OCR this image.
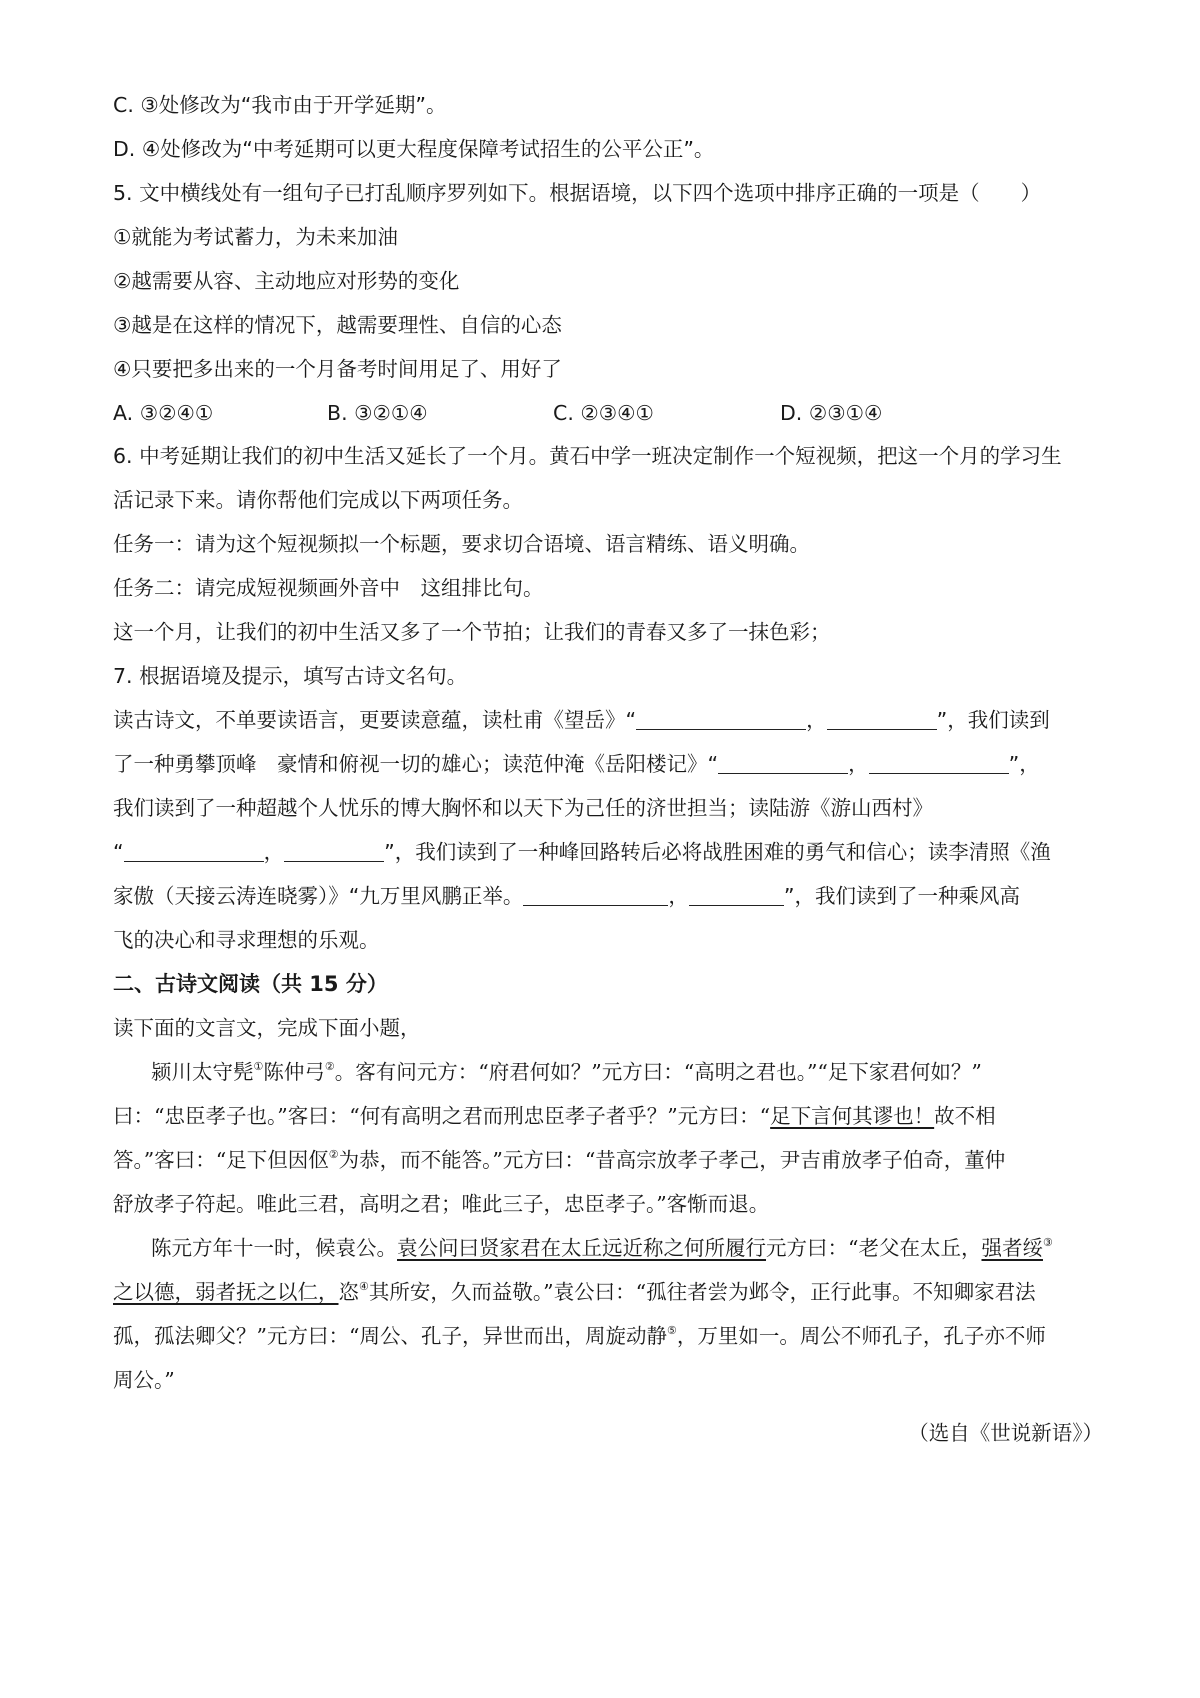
C. ③处修改为“我市由于开学延期”。
D. ④处修改为“中考延期可以更大程度保障考试招生的公平公正”。
5. 文中横线处有一组句子已打乱顺序罗列如下。根据语境，以下四个选项中排序正确的一项是（　　）
①就能为考试蓄力，为未来加油
②越需要从容、主动地应对形势的变化
③越是在这样的情况下，越需要理性、自信的心态
④只要把多出来的一个月备考时间用足了、用好了
A. ③②④①	B. ③②①④	C. ②③④①	D. ②③①④
6. 中考延期让我们的初中生活又延长了一个月。黄石中学一班决定制作一个短视频，把这一个月的学习生
活记录下来。请你帮他们完成以下两项任务。
任务一：请为这个短视频拟一个标题，要求切合语境、语言精练、语义明确。
任务二：请完成短视频画外音中　这组排比句。
这一个月，让我们的初中生活又多了一个节拍；让我们的青春又多了一抹色彩；
7. 根据语境及提示，填写古诗文名句。
读古诗文，不单要读语言，更要读意蕴，读杜甫《望岳》“	，	”，我们读到
了一种勇攀顶峰　豪情和俯视一切的雄心；读范仲淹《岳阳楼记》“	，	”，
我们读到了一种超越个人忧乐的博大胸怀和以天下为己任的济世担当；读陆游《游山西村》
“	，	”，我们读到了一种峰回路转后必将战胜困难的勇气和信心；读李清照《渔
家傲（天接云涛连晓雾）》“九万里风鹏正举。	，	”，我们读到了一种乘风高
飞的决心和寻求理想的乐观。
二、古诗文阅读（共 15 分）
读下面的文言文，完成下面小题，
颍川太守髡①陈仲弓②。客有问元方：“府君何如？”元方曰：“高明之君也。”“足下家君何如？”
曰：“忠臣孝子也。”客曰：“何有高明之君而刑忠臣孝子者乎？”元方曰：“足下言何其谬也！故不相
答。”客曰：“足下但因伛②为恭，而不能答。”元方曰：“昔高宗放孝子孝己，尹吉甫放孝子伯奇，董仲
舒放孝子符起。唯此三君，高明之君；唯此三子，忠臣孝子。”客惭而退。
陈元方年十一时，候袁公。袁公问曰贤家君在太丘远近称之何所履行元方曰：“老父在太丘，强者绥③
之以德，弱者抚之以仁，恣④其所安，久而益敬。”袁公曰：“孤往者尝为邺令，正行此事。不知卿家君法
孤，孤法卿父？”元方曰：“周公、孔子，异世而出，周旋动静⑤，万里如一。周公不师孔子，孔子亦不师
周公。”
（选自《世说新语》）
